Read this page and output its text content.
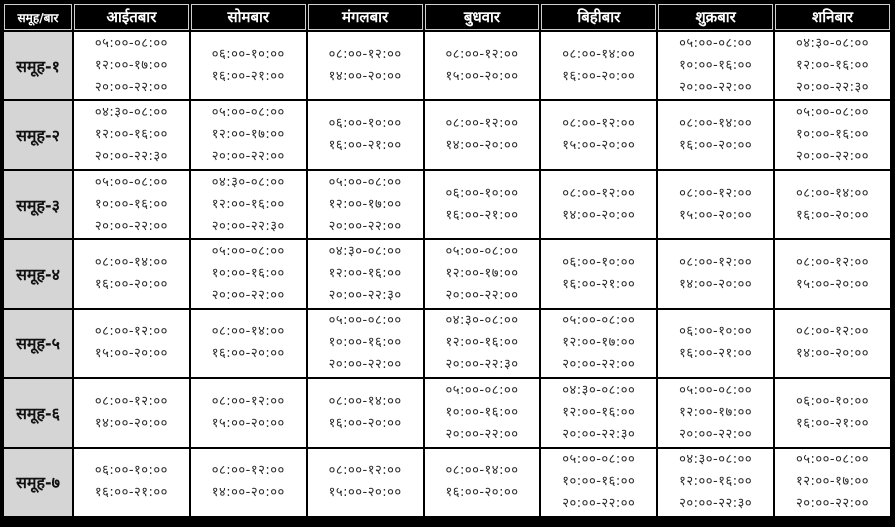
समूह/बार	आईतबार	सोमबार	मंगलबार	बुधवार	बिहीबार	शुक्रबार	शनिबार
समूह-१	०५:००-०८:००
१२:००-१७:००
२०:००-२२:००	०६:००-१०:००
१६:००-२१:००	०८:००-१२:००
१४:००-२०:००	०८:००-१२:००
१५:००-२०:००	०८:००-१४:००
१६:००-२०:००	०५:००-०८:००
१०:००-१६:००
२०:००-२२:००	०४:३०-०८:००
१२:००-१६:००
२०:००-२२:३०

समूह-२	०४:३०-०८:००
१२:००-१६:००
२०:००-२२:३०	०५:००-०८:००
१२:००-१७:००
२०:००-२२:००	०६:००-१०:००
१६:००-२१:००	०८:००-१२:००
१४:००-२०:००	०८:००-१२:००
१५:००-२०:००	०८:००-१४:००
१६:००-२०:००	०५:००-०८:००
१०:००-१६:००
२०:००-२२:००

समूह-३	०५:००-०८:००
१०:००-१६:००
२०:००-२२:००	०४:३०-०८:००
१२:००-१६:००
२०:००-२२:३०	०५:००-०८:००
१२:००-१७:००
२०:००-२२:००	०६:००-१०:००
१६:००-२१:००	०८:००-१२:००
१४:००-२०:००	०८:००-१२:००
१५:००-२०:००	०८:००-१४:००
१६:००-२०:००

समूह-४	०८:००-१४:००
१६:००-२०:००	०५:००-०८:००
१०:००-१६:००
२०:००-२२:००	०४:३०-०८:००
१२:००-१६:००
२०:००-२२:३०	०५:००-०८:००
१२:००-१७:००
२०:००-२२:००	०६:००-१०:००
१६:००-२१:००	०८:००-१२:००
१४:००-२०:००	०८:००-१२:००
१५:००-२०:००

समूह-५	०८:००-१२:००
१५:००-२०:००	०८:००-१४:००
१६:००-२०:००	०५:००-०८:००
१०:००-१६:००
२०:००-२२:००	०४:३०-०८:००
१२:००-१६:००
२०:००-२२:३०	०५:००-०८:००
१२:००-१७:००
२०:००-२२:००	०६:००-१०:००
१६:००-२१:००	०८:००-१२:००
१४:००-२०:००

समूह-६	०८:००-१२:००
१४:००-२०:००	०८:००-१२:००
१५:००-२०:००	०८:००-१४:००
१६:००-२०:००	०५:००-०८:००
१०:००-१६:००
२०:००-२२:००	०४:३०-०८:००
१२:००-१६:००
२०:००-२२:३०	०५:००-०८:००
१२:००-१७:००
२०:००-२२:००	०६:००-१०:००
१६:००-२१:००

समूह-७	०६:००-१०:००
१६:००-२१:००	०८:००-१२:००
१४:००-२०:००	०८:००-१२:००
१५:००-२०:००	०८:००-१४:००
१६:००-२०:००	०५:००-०८:००
१०:००-१६:००
२०:००-२२:००	०४:३०-०८:००
१२:००-१६:००
२०:००-२२:३०	०५:००-०८:००
१२:००-१७:००
२०:००-२२:००
